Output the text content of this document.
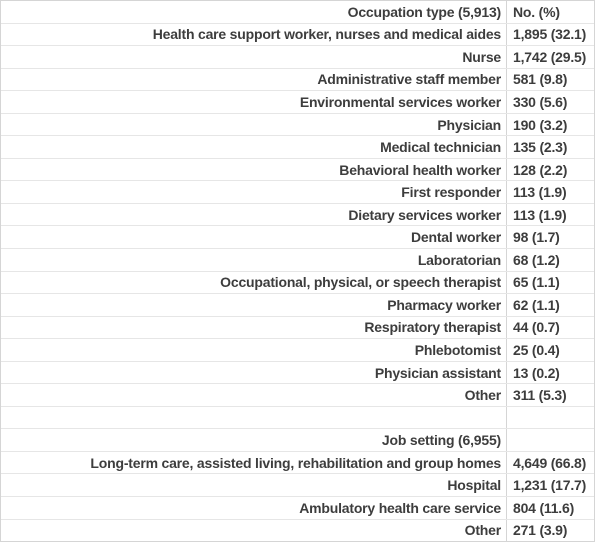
Occupation type (5,913) No. (%)
Health care support worker, nurses and medical aides 1,895 (32.1)
Nurse 1,742 (29.5)
Administrative staff member 581 (9.8)
Environmental services worker 330 (5.6)
Physician 190 (3.2)
Medical technician 135 (2.3)
Behavioral health worker 128 (2.2)
First responder 113 (1.9)
Dietary services worker 113 (1.9)
Dental worker 98 (1.7)
Laboratorian 68 (1.2)
Occupational, physical, or speech therapist 65 (1.1)
Pharmacy worker 62 (1.1)
Respiratory therapist 44 (0.7)
Phlebotomist 25 (0.4)
Physician assistant 13 (0.2)
Other 311 (5.3)
Job setting (6,955)
Long-term care, assisted living, rehabilitation and group homes 4,649 (66.8)
Hospital 1,231 (17.7)
Ambulatory health care service 804 (11.6)
Other 271 (3.9)
